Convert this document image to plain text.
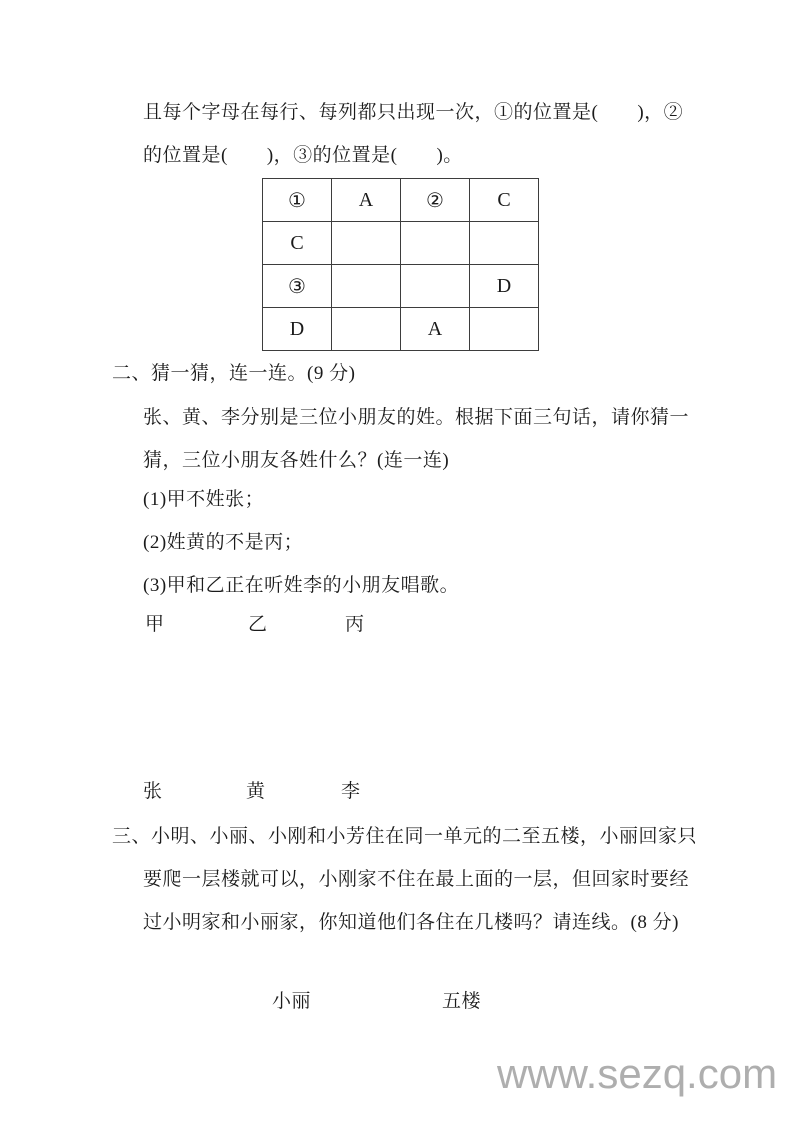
且每个字母在每行、每列都只出现一次，①的位置是(　　)，②
的位置是(　　)，③的位置是(　　)。
①	A	②	C
C			
③			D
D		A	
二、猜一猜，连一连。(9 分)
张、黄、李分别是三位小朋友的姓。根据下面三句话，请你猜一
猜，三位小朋友各姓什么？(连一连)
(1)甲不姓张；
(2)姓黄的不是丙；
(3)甲和乙正在听姓李的小朋友唱歌。
甲	乙	丙
张	黄	李
三、小明、小丽、小刚和小芳住在同一单元的二至五楼，小丽回家只
要爬一层楼就可以，小刚家不住在最上面的一层，但回家时要经
过小明家和小丽家，你知道他们各住在几楼吗？请连线。(8 分)
小丽	五楼
www.sezq.com
